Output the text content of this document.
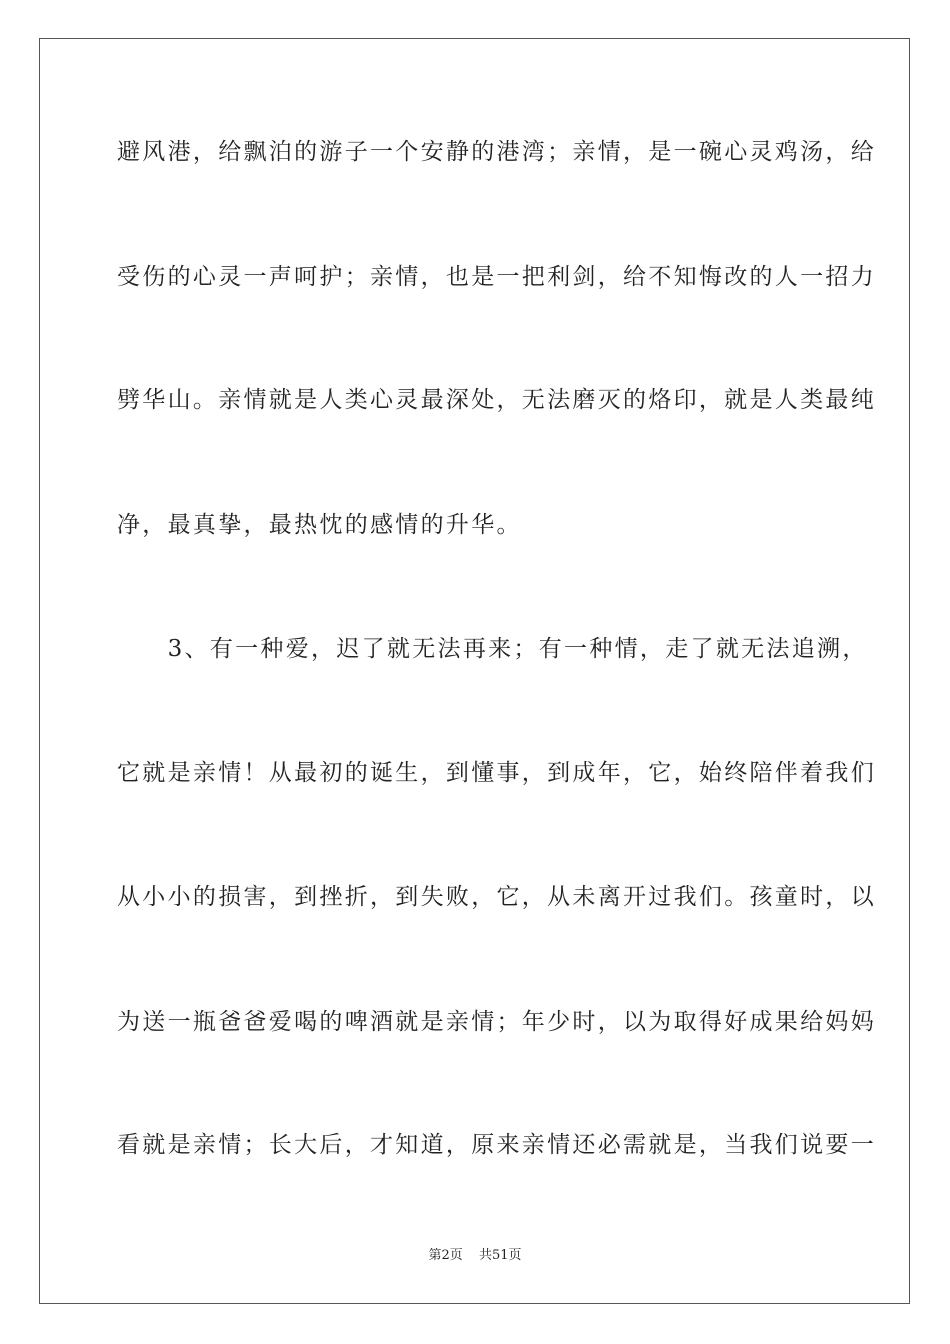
避风港，给飘泊的游子一个安静的港湾；亲情，是一碗心灵鸡汤，给
受伤的心灵一声呵护；亲情，也是一把利剑，给不知悔改的人一招力
劈华山。亲情就是人类心灵最深处，无法磨灭的烙印，就是人类最纯
净，最真挚，最热忱的感情的升华。
　　3、有一种爱，迟了就无法再来；有一种情，走了就无法追溯，
它就是亲情！从最初的诞生，到懂事，到成年，它，始终陪伴着我们
从小小的损害，到挫折，到失败，它，从未离开过我们。孩童时，以
为送一瓶爸爸爱喝的啤酒就是亲情；年少时，以为取得好成果给妈妈
看就是亲情；长大后，才知道，原来亲情还必需就是，当我们说要一
第2页 共51页
